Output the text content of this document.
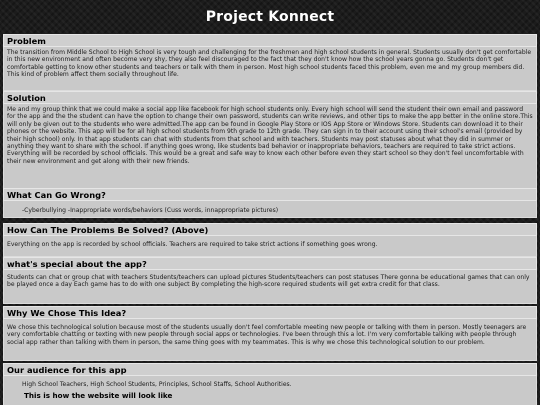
Project Konnect
Problem
The transition from Middle School to High School is very tough and challenging for the freshmen and high school students in general. Students usually don't get comfortable in this new environment and often become very shy, they also feel discouraged to the fact that they don't know how the school years gonna go. Students don't get comfortable getting to know other students and teachers or talk with them in person. Most high school students faced this problem, even me and my group members did. This kind of problem affect them socially throughout life.
Solution
Me and my group think that we could make a social app like facebook for high school students only. Every high school will send the student their own email and password for the app and the the student can have the option to change their own password, students can write reviews, and other tips to make the app better in the online store.This will only be given out to the students who were admitted.The app can be found in Google Play Store or IOS App Store or Windows Store. Students can download it to their phones or the website. This app will be for all high school students from 9th grade to 12th grade. They can sign in to their account using their school's email (provided by their high school) only. In that app students can chat with students from that school and with teachers. Students may post statuses about what they did in summer or anything they want to share with the school. If anything goes wrong, like students bad behavior or inappropriate behaviors, teachers are required to take strict actions. Everything will be recorded by school officials. This would be a great and safe way to know each other before even they start school so they don't feel uncomfortable with their new environment and get along with their new friends.
What Can Go Wrong?
-Cyberbullying -Inappropriate words/behaviors (Cuss words, innappropriate pictures)
How Can The Problems Be Solved? (Above)
Everything on the app is recorded by school officials. Teachers are required to take strict actions if something goes wrong.
what's special about the app?
Students can chat or group chat with teachers Students/teachers can upload pictures Students/teachers can post statuses There gonna be educational games that can only be played once a day Each game has to do with one subject By completing the high-score required students will get extra credit for that class.
Why We Chose This Idea?
We chose this technological solution because most of the students usually don't feel comfortable meeting new people or talking with them in person. Mostly teenagers are very comfortable chatting or texting with new people through social apps or technologies. I've been through this a lot. I'm very comfortable talking with people through social app rather than talking with them in person, the same thing goes with my teammates. This is why we chose this technological solution to our problem.
Our audience for this app
High School Teachers, High School Students, Principles, School Staffs, School Authorities.
This is how the website will look like
